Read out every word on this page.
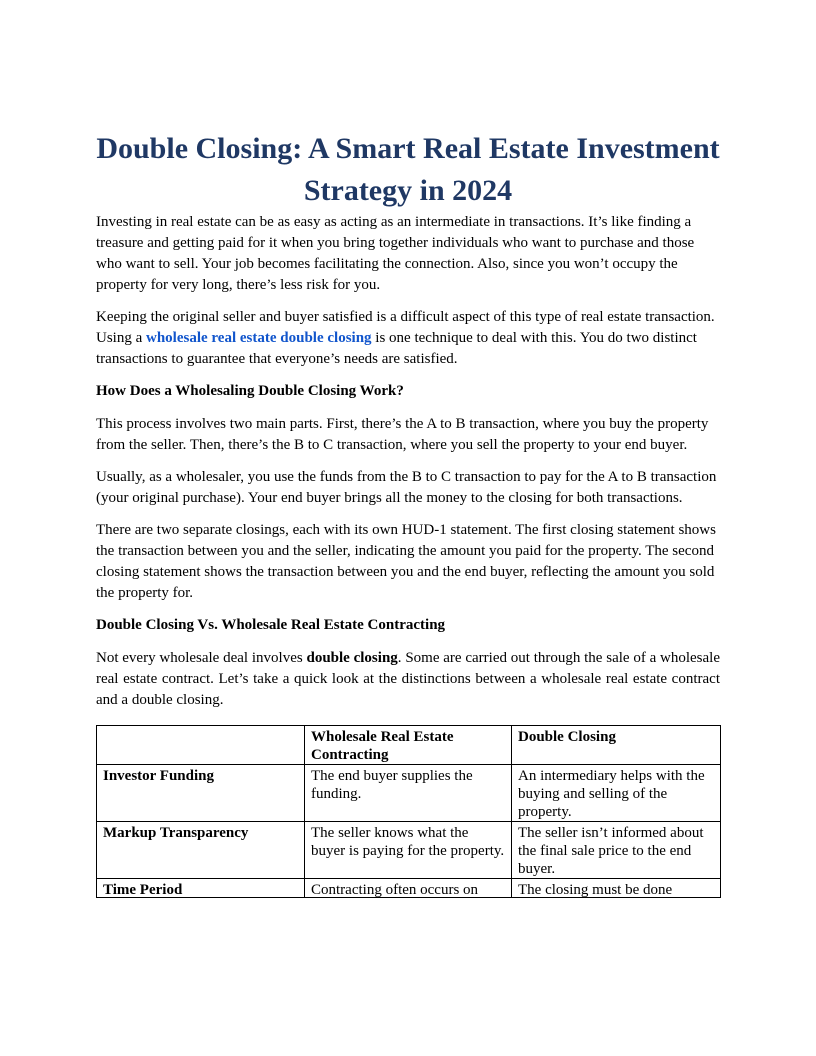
Double Closing: A Smart Real Estate Investment
Strategy in 2024

Investing in real estate can be as easy as acting as an intermediate in transactions. It’s like finding a treasure and getting paid for it when you bring together individuals who want to purchase and those who want to sell. Your job becomes facilitating the connection. Also, since you won’t occupy the property for very long, there’s less risk for you.

Keeping the original seller and buyer satisfied is a difficult aspect of this type of real estate transaction. Using a wholesale real estate double closing is one technique to deal with this. You do two distinct transactions to guarantee that everyone’s needs are satisfied.

How Does a Wholesaling Double Closing Work?

This process involves two main parts. First, there’s the A to B transaction, where you buy the property from the seller. Then, there’s the B to C transaction, where you sell the property to your end buyer.

Usually, as a wholesaler, you use the funds from the B to C transaction to pay for the A to B transaction (your original purchase). Your end buyer brings all the money to the closing for both transactions.

There are two separate closings, each with its own HUD-1 statement. The first closing statement shows the transaction between you and the seller, indicating the amount you paid for the property. The second closing statement shows the transaction between you and the end buyer, reflecting the amount you sold the property for.

Double Closing Vs. Wholesale Real Estate Contracting

Not every wholesale deal involves double closing. Some are carried out through the sale of a wholesale real estate contract. Let’s take a quick look at the distinctions between a wholesale real estate contract and a double closing.

	Wholesale Real Estate Contracting	Double Closing
Investor Funding	The end buyer supplies the funding.	An intermediary helps with the buying and selling of the property.
Markup Transparency	The seller knows what the buyer is paying for the property.	The seller isn’t informed about the final sale price to the end buyer.

Time Period	Contracting often occurs on	The closing must be done
